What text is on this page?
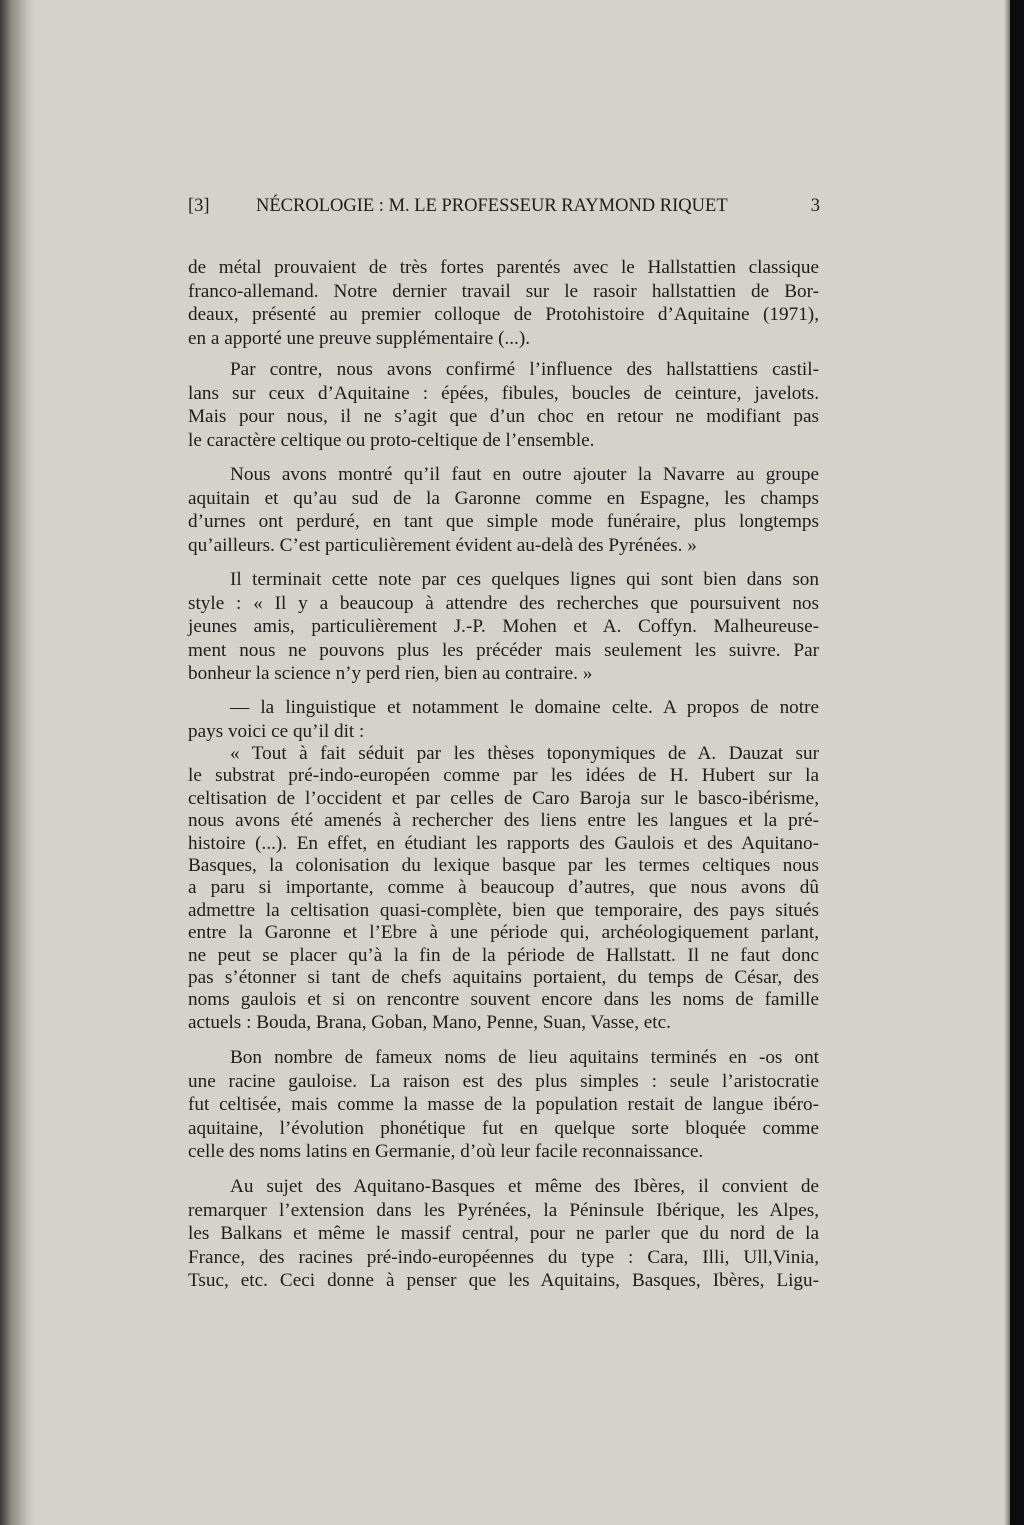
[3]	NÉCROLOGIE : M. LE PROFESSEUR RAYMOND RIQUET	3
de métal prouvaient de très fortes parentés avec le Hallstattien classique
franco-allemand. Notre dernier travail sur le rasoir hallstattien de Bor-
deaux, présenté au premier colloque de Protohistoire d’Aquitaine (1971),
en a apporté une preuve supplémentaire (...).
Par contre, nous avons confirmé l’influence des hallstattiens castil-
lans sur ceux d’Aquitaine : épées, fibules, boucles de ceinture, javelots.
Mais pour nous, il ne s’agit que d’un choc en retour ne modifiant pas
le caractère celtique ou proto-celtique de l’ensemble.
Nous avons montré qu’il faut en outre ajouter la Navarre au groupe
aquitain et qu’au sud de la Garonne comme en Espagne, les champs
d’urnes ont perduré, en tant que simple mode funéraire, plus longtemps
qu’ailleurs. C’est particulièrement évident au-delà des Pyrénées. »
Il terminait cette note par ces quelques lignes qui sont bien dans son
style : « Il y a beaucoup à attendre des recherches que poursuivent nos
jeunes amis, particulièrement J.-P. Mohen et A. Coffyn. Malheureuse-
ment nous ne pouvons plus les précéder mais seulement les suivre. Par
bonheur la science n’y perd rien, bien au contraire. »
— la linguistique et notamment le domaine celte. A propos de notre
pays voici ce qu’il dit :
« Tout à fait séduit par les thèses toponymiques de A. Dauzat sur
le substrat pré-indo-européen comme par les idées de H. Hubert sur la
celtisation de l’occident et par celles de Caro Baroja sur le basco-ibérisme,
nous avons été amenés à rechercher des liens entre les langues et la pré-
histoire (...). En effet, en étudiant les rapports des Gaulois et des Aquitano-
Basques, la colonisation du lexique basque par les termes celtiques nous
a paru si importante, comme à beaucoup d’autres, que nous avons dû
admettre la celtisation quasi-complète, bien que temporaire, des pays situés
entre la Garonne et l’Ebre à une période qui, archéologiquement parlant,
ne peut se placer qu’à la fin de la période de Hallstatt. Il ne faut donc
pas s’étonner si tant de chefs aquitains portaient, du temps de César, des
noms gaulois et si on rencontre souvent encore dans les noms de famille
actuels : Bouda, Brana, Goban, Mano, Penne, Suan, Vasse, etc.
Bon nombre de fameux noms de lieu aquitains terminés en -os ont
une racine gauloise. La raison est des plus simples : seule l’aristocratie
fut celtisée, mais comme la masse de la population restait de langue ibéro-
aquitaine, l’évolution phonétique fut en quelque sorte bloquée comme
celle des noms latins en Germanie, d’où leur facile reconnaissance.
Au sujet des Aquitano-Basques et même des Ibères, il convient de
remarquer l’extension dans les Pyrénées, la Péninsule Ibérique, les Alpes,
les Balkans et même le massif central, pour ne parler que du nord de la
France, des racines pré-indo-européennes du type : Cara, Illi, Ull,Vinia,
Tsuc, etc. Ceci donne à penser que les Aquitains, Basques, Ibères, Ligu-
